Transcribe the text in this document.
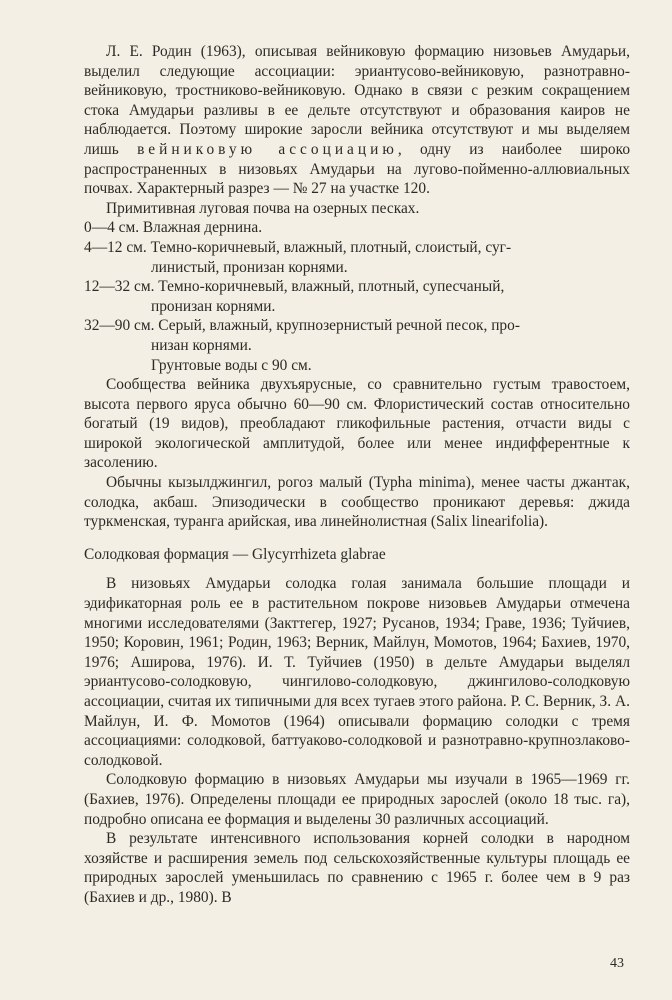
Л. Е. Родин (1963), описывая вейниковую формацию низовьев Амударьи, выделил следующие ассоциации: эриантусово-вейниковую, разнотравно-вейниковую, тростниково-вейниковую. Однако в связи с резким сокращением стока Амударьи разливы в ее дельте отсутствуют и образования каиров не наблюдается. Поэтому широкие заросли вейника отсутствуют и мы выделяем лишь вейниковую ассоциацию, одну из наиболее широко распространенных в низовьях Амударьи на лугово-пойменно-аллювиальных почвах. Характерный разрез — № 27 на участке 120.

Примитивная луговая почва на озерных песках.

0—4 см. Влажная дернина.

4—12 см. Темно-коричневый, влажный, плотный, слоистый, суг-

линистый, пронизан корнями.

12—32 см. Темно-коричневый, влажный, плотный, супесчаный,

пронизан корнями.

32—90 см. Серый, влажный, крупнозернистый речной песок, про-

низан корнями.

Грунтовые воды с 90 см.

Сообщества вейника двухъярусные, со сравнительно густым травостоем, высота первого яруса обычно 60—90 см. Флористический состав относительно богатый (19 видов), преобладают гликофильные растения, отчасти виды с широкой экологической амплитудой, более или менее индифферентные к засолению.

Обычны кызылджингил, рогоз малый (Typha minima), менее часты джантак, солодка, акбаш. Эпизодически в сообщество проникают деревья: джида туркменская, туранга арийская, ива линейнолистная (Salix linearifolia).

Солодковая формация — Glycyrrhizeta glabrae

В низовьях Амударьи солодка голая занимала большие площади и эдификаторная роль ее в растительном покрове низовьев Амударьи отмечена многими исследователями (Закттегер, 1927; Русанов, 1934; Граве, 1936; Туйчиев, 1950; Коровин, 1961; Родин, 1963; Верник, Майлун, Момотов, 1964; Бахиев, 1970, 1976; Аширова, 1976). И. Т. Туйчиев (1950) в дельте Амударьи выделял эриантусово-солодковую, чингилово-солодковую, джингилово-солодковую ассоциации, считая их типичными для всех тугаев этого района. Р. С. Верник, З. А. Майлун, И. Ф. Момотов (1964) описывали формацию солодки с тремя ассоциациями: солодковой, баттуаково-солодковой и разнотравно-крупнозлаково-солодковой.

Солодковую формацию в низовьях Амударьи мы изучали в 1965—1969 гг. (Бахиев, 1976). Определены площади ее природных зарослей (около 18 тыс. га), подробно описана ее формация и выделены 30 различных ассоциаций.

В результате интенсивного использования корней солодки в народном хозяйстве и расширения земель под сельскохозяйственные культуры площадь ее природных зарослей уменьшилась по сравнению с 1965 г. более чем в 9 раз (Бахиев и др., 1980). В

43
